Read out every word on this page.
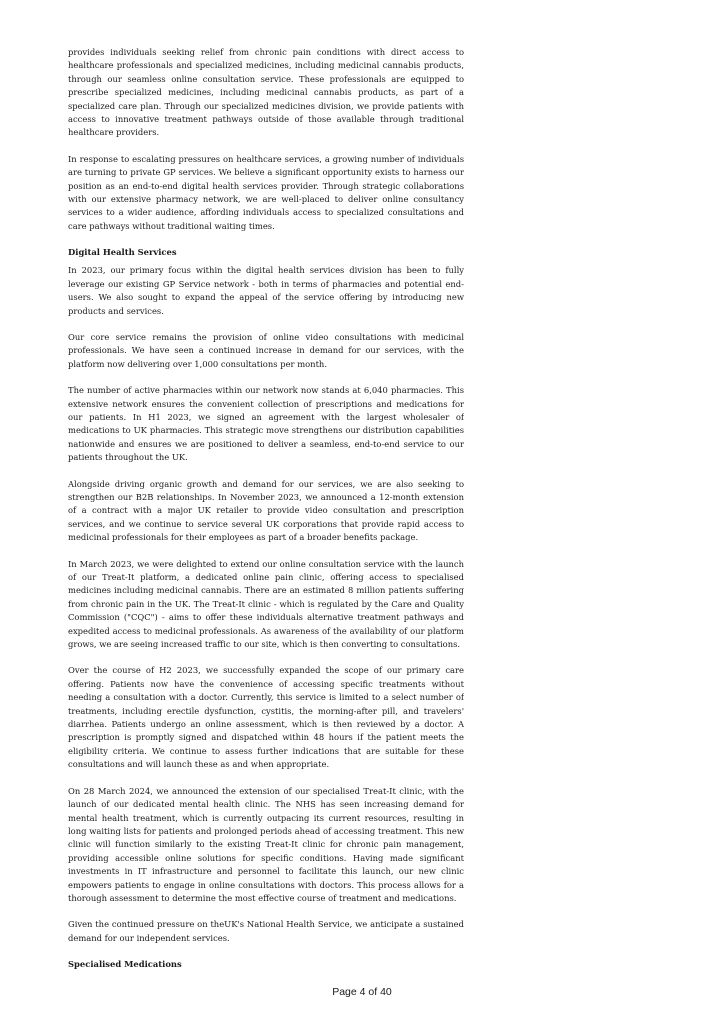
provides individuals seeking relief from chronic pain conditions with direct access to healthcare professionals and specialized medicines, including medicinal cannabis products, through our seamless online consultation service. These professionals are equipped to prescribe specialized medicines, including medicinal cannabis products, as part of a specialized care plan. Through our specialized medicines division, we provide patients with access to innovative treatment pathways outside of those available through traditional healthcare providers.

In response to escalating pressures on healthcare services, a growing number of individuals are turning to private GP services. We believe a significant opportunity exists to harness our position as an end-to-end digital health services provider. Through strategic collaborations with our extensive pharmacy network, we are well-placed to deliver online consultancy services to a wider audience, affording individuals access to specialized consultations and care pathways without traditional waiting times.

Digital Health Services

In 2023, our primary focus within the digital health services division has been to fully leverage our existing GP Service network - both in terms of pharmacies and potential end-users. We also sought to expand the appeal of the service offering by introducing new products and services.

Our core service remains the provision of online video consultations with medicinal professionals. We have seen a continued increase in demand for our services, with the platform now delivering over 1,000 consultations per month.

The number of active pharmacies within our network now stands at 6,040 pharmacies. This extensive network ensures the convenient collection of prescriptions and medications for our patients. In H1 2023, we signed an agreement with the largest wholesaler of medications to UK pharmacies. This strategic move strengthens our distribution capabilities nationwide and ensures we are positioned to deliver a seamless, end-to-end service to our patients throughout the UK.

Alongside driving organic growth and demand for our services, we are also seeking to strengthen our B2B relationships. In November 2023, we announced a 12-month extension of a contract with a major UK retailer to provide video consultation and prescription services, and we continue to service several UK corporations that provide rapid access to medicinal professionals for their employees as part of a broader benefits package.

In March 2023, we were delighted to extend our online consultation service with the launch of our Treat-It platform, a dedicated online pain clinic, offering access to specialised medicines including medicinal cannabis. There are an estimated 8 million patients suffering from chronic pain in the UK. The Treat-It clinic - which is regulated by the Care and Quality Commission ("CQC") - aims to offer these individuals alternative treatment pathways and expedited access to medicinal professionals. As awareness of the availability of our platform grows, we are seeing increased traffic to our site, which is then converting to consultations.

Over the course of H2 2023, we successfully expanded the scope of our primary care offering. Patients now have the convenience of accessing specific treatments without needing a consultation with a doctor. Currently, this service is limited to a select number of treatments, including erectile dysfunction, cystitis, the morning-after pill, and travelers' diarrhea. Patients undergo an online assessment, which is then reviewed by a doctor. A prescription is promptly signed and dispatched within 48 hours if the patient meets the eligibility criteria. We continue to assess further indications that are suitable for these consultations and will launch these as and when appropriate.

On 28 March 2024, we announced the extension of our specialised Treat-It clinic, with the launch of our dedicated mental health clinic. The NHS has seen increasing demand for mental health treatment, which is currently outpacing its current resources, resulting in long waiting lists for patients and prolonged periods ahead of accessing treatment. This new clinic will function similarly to the existing Treat-It clinic for chronic pain management, providing accessible online solutions for specific conditions. Having made significant investments in IT infrastructure and personnel to facilitate this launch, our new clinic empowers patients to engage in online consultations with doctors. This process allows for a thorough assessment to determine the most effective course of treatment and medications.

Given the continued pressure on theUK's National Health Service, we anticipate a sustained demand for our independent services.

Specialised Medications

Page 4 of 40
